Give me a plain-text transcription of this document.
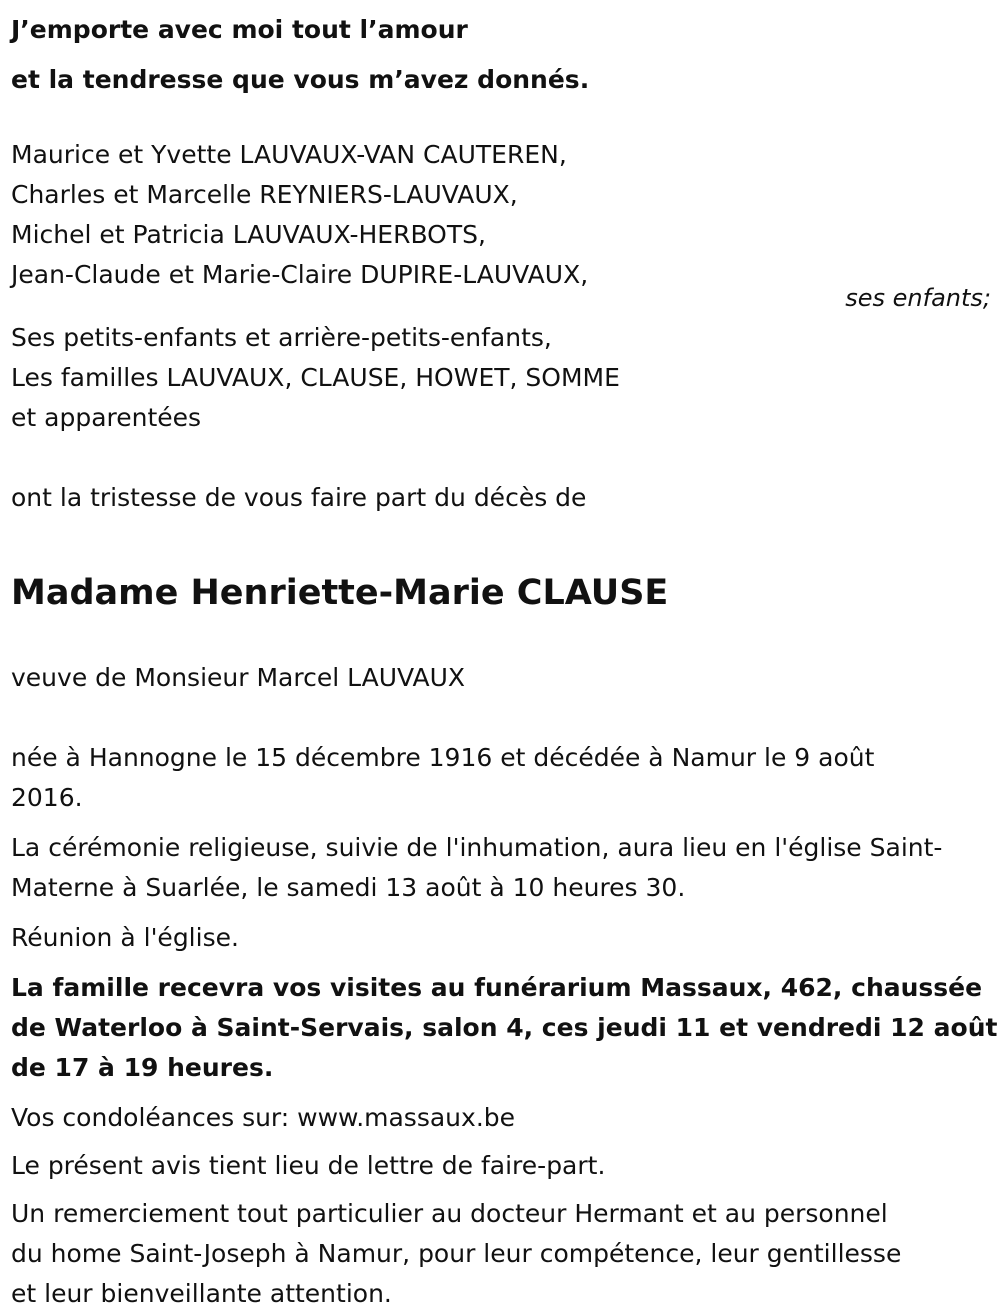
J’emporte avec moi tout l’amour
et la tendresse que vous m’avez donnés.
Maurice et Yvette LAUVAUX-VAN CAUTEREN,
Charles et Marcelle REYNIERS-LAUVAUX,
Michel et Patricia LAUVAUX-HERBOTS,
Jean-Claude et Marie-Claire DUPIRE-LAUVAUX,
Ses petits-enfants et arrière-petits-enfants,
Les familles LAUVAUX, CLAUSE, HOWET, SOMME
et apparentées
ont la tristesse de vous faire part du décès de
Madame Henriette-Marie CLAUSE
veuve de Monsieur Marcel LAUVAUX
née à Hannogne le 15 décembre 1916 et décédée à Namur le 9 août
2016.
La cérémonie religieuse, suivie de l'inhumation, aura lieu en l'église Saint-
Materne à Suarlée, le samedi 13 août à 10 heures 30.
Réunion à l'église.
La famille recevra vos visites au funérarium Massaux, 462, chaussée
de Waterloo à Saint-Servais, salon 4, ces jeudi 11 et vendredi 12 août
de 17 à 19 heures.
Vos condoléances sur: www.massaux.be
Le présent avis tient lieu de lettre de faire-part.
Un remerciement tout particulier au docteur Hermant et au personnel
du home Saint-Joseph à Namur, pour leur compétence, leur gentillesse
et leur bienveillante attention.
ses enfants;
